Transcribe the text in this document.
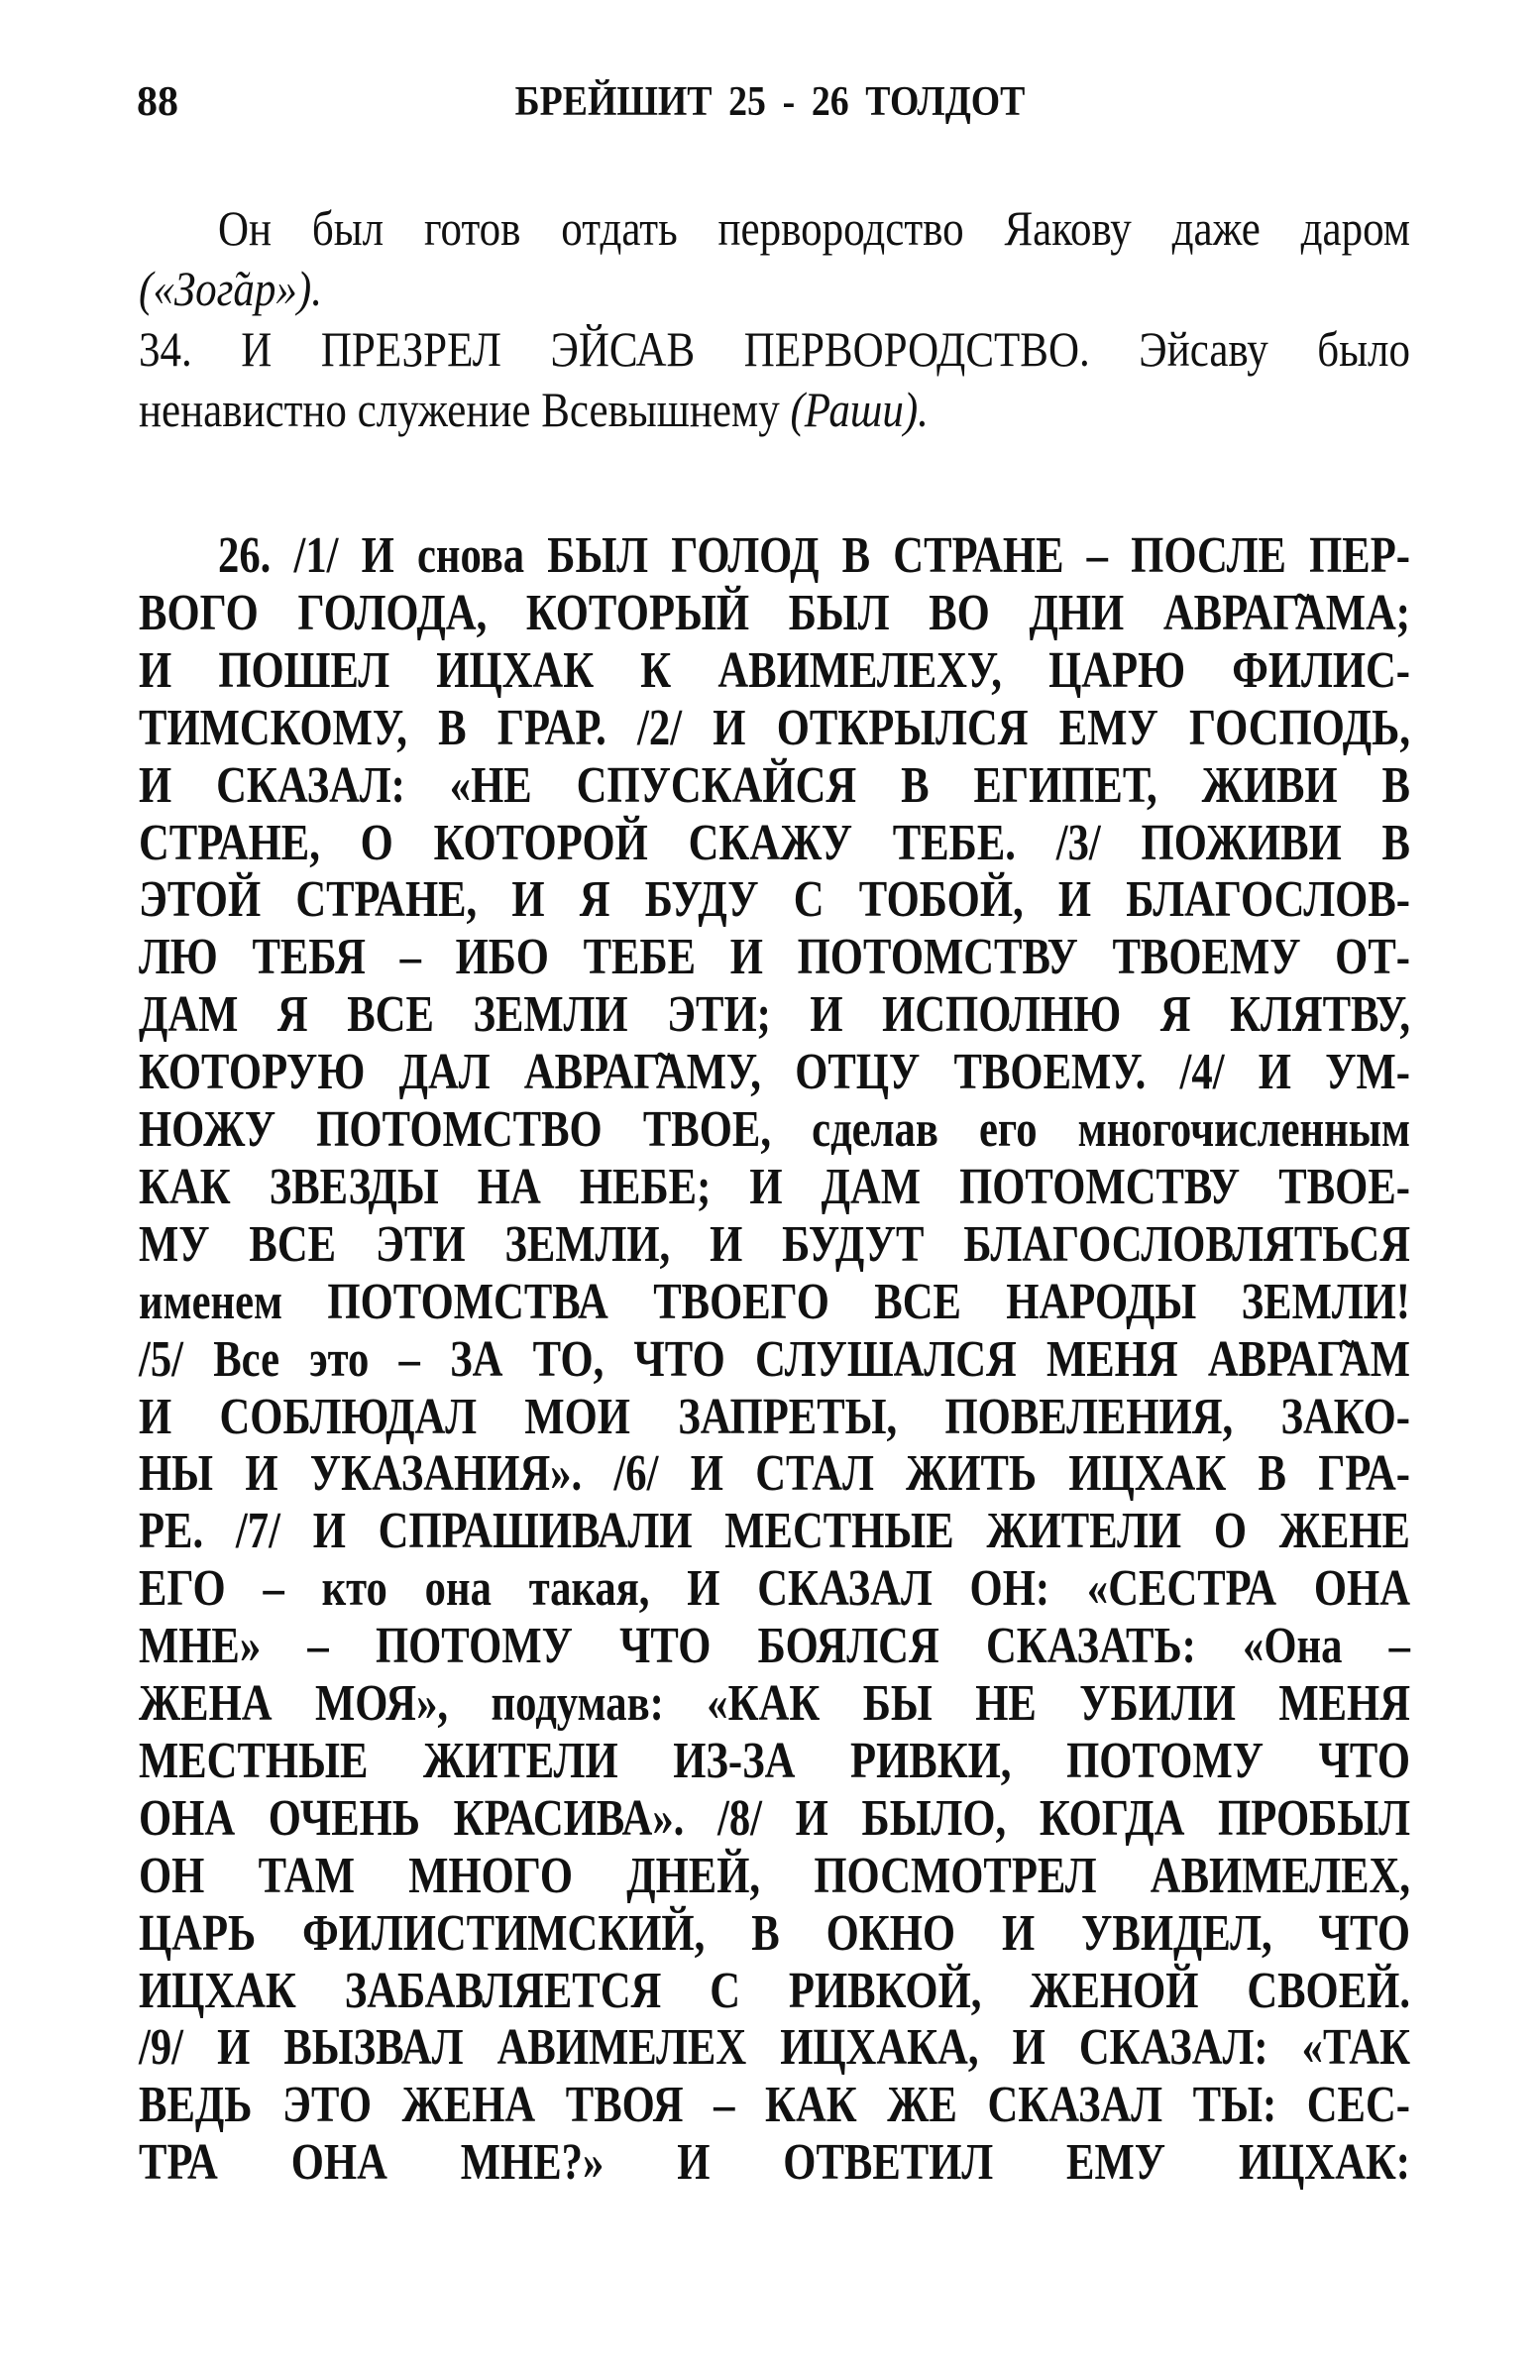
88	БРЕЙШИТ 25 - 26 ТОЛДОТ
Он был готов отдать первородство Яакову даже даром
(«Зог̃ар»).
34. И ПРЕЗРЕЛ ЭЙСАВ ПЕРВОРОДСТВО. Эйсаву было
ненавистно служение Всевышнему (Раши).
26. /1/ И снова БЫЛ ГОЛОД В СТРАНЕ – ПОСЛЕ ПЕР-
ВОГО ГОЛОДА, КОТОРЫЙ БЫЛ ВО ДНИ АВРАГ̃АМА;
И ПОШЕЛ ИЦХАК К АВИМЕЛЕХУ, ЦАРЮ ФИЛИС-
ТИМСКОМУ, В ГРАР. /2/ И ОТКРЫЛСЯ ЕМУ ГОСПОДЬ,
И СКАЗАЛ: «НЕ СПУСКАЙСЯ В ЕГИПЕТ, ЖИВИ В
СТРАНЕ, О КОТОРОЙ СКАЖУ ТЕБЕ. /3/ ПОЖИВИ В
ЭТОЙ СТРАНЕ, И Я БУДУ С ТОБОЙ, И БЛАГОСЛОВ-
ЛЮ ТЕБЯ – ИБО ТЕБЕ И ПОТОМСТВУ ТВОЕМУ ОТ-
ДАМ Я ВСЕ ЗЕМЛИ ЭТИ; И ИСПОЛНЮ Я КЛЯТВУ,
КОТОРУЮ ДАЛ АВРАГ̃АМУ, ОТЦУ ТВОЕМУ. /4/ И УМ-
НОЖУ ПОТОМСТВО ТВОЕ, сделав его многочисленным
КАК ЗВЕЗДЫ НА НЕБЕ; И ДАМ ПОТОМСТВУ ТВОЕ-
МУ ВСЕ ЭТИ ЗЕМЛИ, И БУДУТ БЛАГОСЛОВЛЯТЬСЯ
именем ПОТОМСТВА ТВОЕГО ВСЕ НАРОДЫ ЗЕМЛИ!
/5/ Все это – ЗА ТО, ЧТО СЛУШАЛСЯ МЕНЯ АВРАГ̃АМ
И СОБЛЮДАЛ МОИ ЗАПРЕТЫ, ПОВЕЛЕНИЯ, ЗАКО-
НЫ И УКАЗАНИЯ». /6/ И СТАЛ ЖИТЬ ИЦХАК В ГРА-
РЕ. /7/ И СПРАШИВАЛИ МЕСТНЫЕ ЖИТЕЛИ О ЖЕНЕ
ЕГО – кто она такая, И СКАЗАЛ ОН: «СЕСТРА ОНА
МНЕ» – ПОТОМУ ЧТО БОЯЛСЯ СКАЗАТЬ: «Она –
ЖЕНА МОЯ», подумав: «КАК БЫ НЕ УБИЛИ МЕНЯ
МЕСТНЫЕ ЖИТЕЛИ ИЗ-ЗА РИВКИ, ПОТОМУ ЧТО
ОНА ОЧЕНЬ КРАСИВА». /8/ И БЫЛО, КОГДА ПРОБЫЛ
ОН ТАМ МНОГО ДНЕЙ, ПОСМОТРЕЛ АВИМЕЛЕХ,
ЦАРЬ ФИЛИСТИМСКИЙ, В ОКНО И УВИДЕЛ, ЧТО
ИЦХАК ЗАБАВЛЯЕТСЯ С РИВКОЙ, ЖЕНОЙ СВОЕЙ.
/9/ И ВЫЗВАЛ АВИМЕЛЕХ ИЦХАКА, И СКАЗАЛ: «ТАК
ВЕДЬ ЭТО ЖЕНА ТВОЯ – КАК ЖЕ СКАЗАЛ ТЫ: СЕС-
ТРА ОНА МНЕ?» И ОТВЕТИЛ ЕМУ ИЦХАК:
